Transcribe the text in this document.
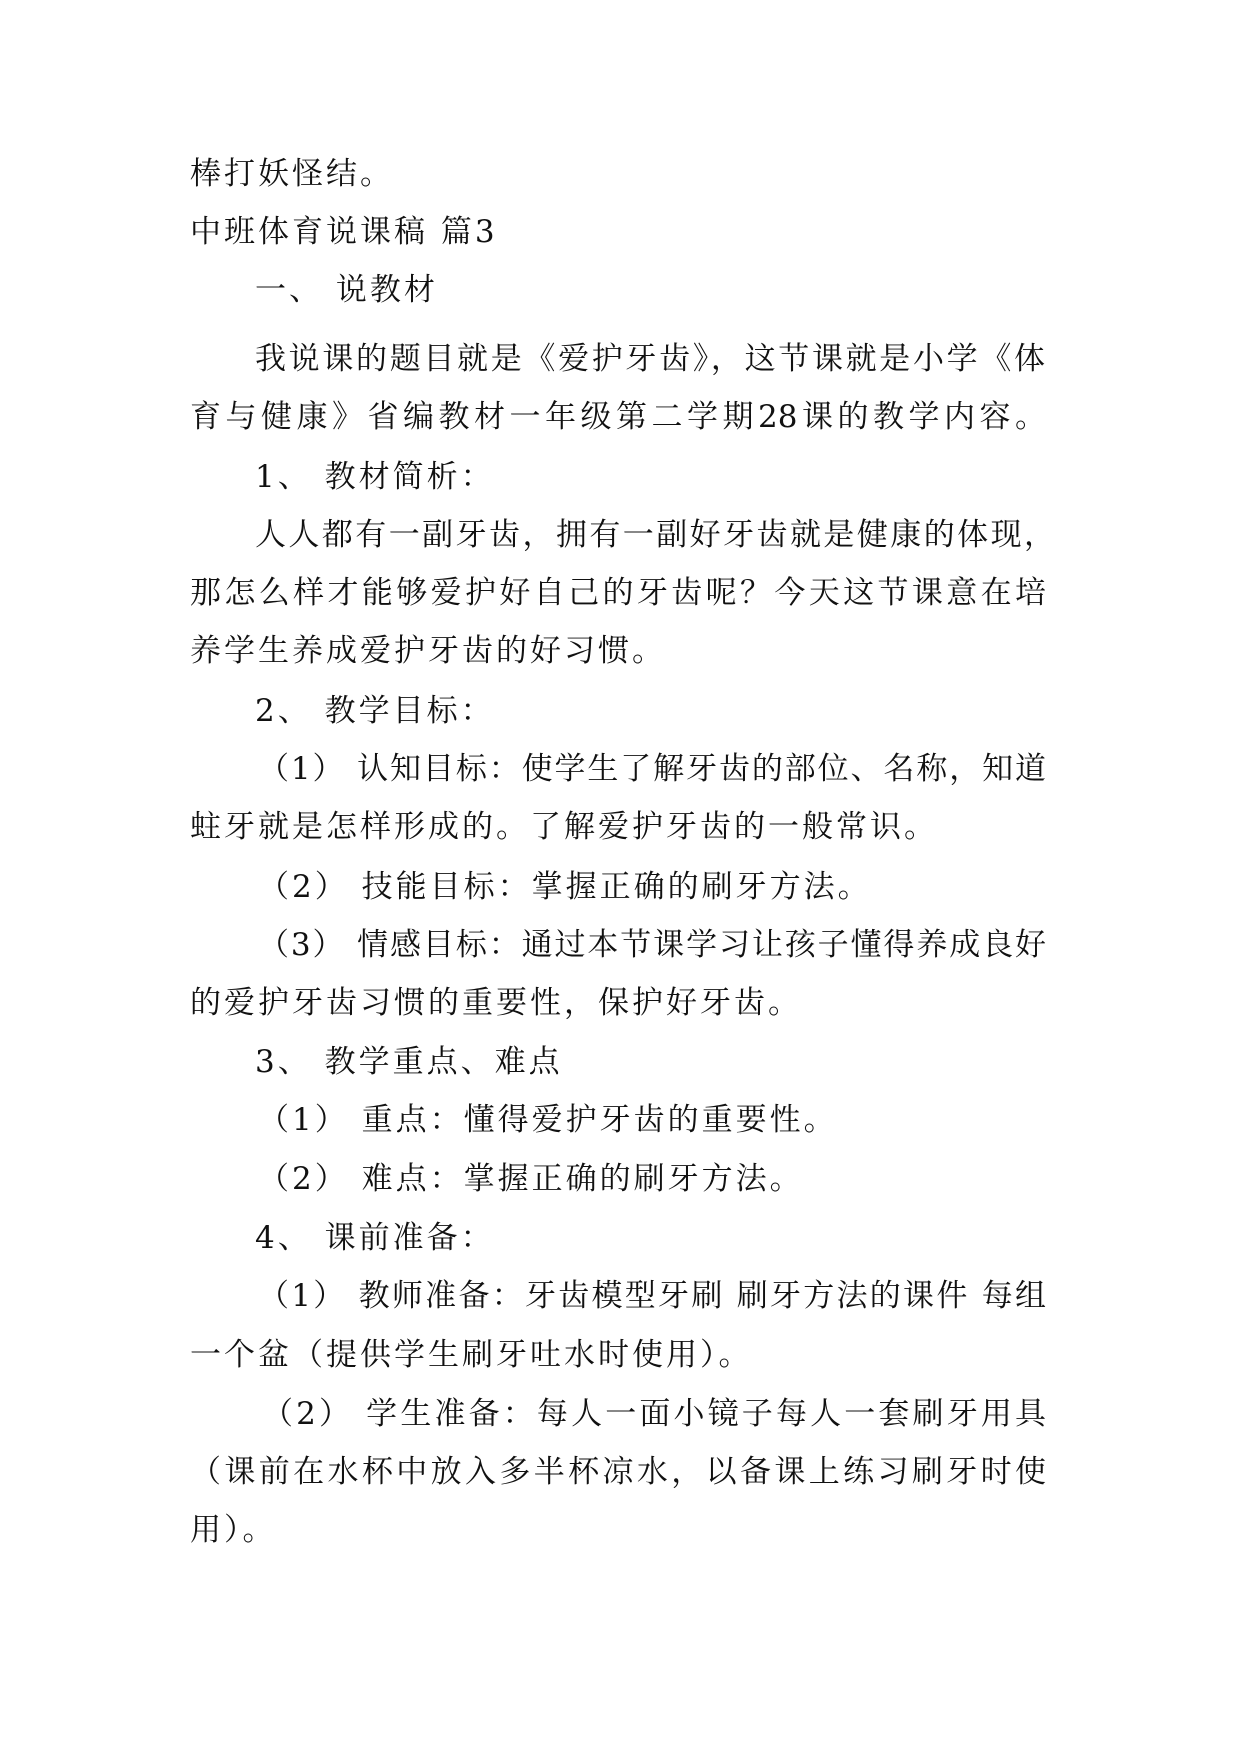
棒打妖怪结。
中班体育说课稿 篇3
一、 说教材
我说课的题目就是《爱护牙齿》，这节课就是小学《体
育与健康》省编教材一年级第二学期28课的教学内容。
1、 教材简析：
人人都有一副牙齿，拥有一副好牙齿就是健康的体现，
那怎么样才能够爱护好自己的牙齿呢？今天这节课意在培
养学生养成爱护牙齿的好习惯。
2、 教学目标：
（1） 认知目标：使学生了解牙齿的部位、名称，知道
蛀牙就是怎样形成的。了解爱护牙齿的一般常识。
（2） 技能目标：掌握正确的刷牙方法。
（3） 情感目标：通过本节课学习让孩子懂得养成良好
的爱护牙齿习惯的重要性，保护好牙齿。
3、 教学重点、难点
（1） 重点：懂得爱护牙齿的重要性。
（2） 难点：掌握正确的刷牙方法。
4、 课前准备：
（1） 教师准备：牙齿模型牙刷 刷牙方法的课件 每组
一个盆（提供学生刷牙吐水时使用）。
（2） 学生准备：每人一面小镜子每人一套刷牙用具
（课前在水杯中放入多半杯凉水，以备课上练习刷牙时使
用）。
